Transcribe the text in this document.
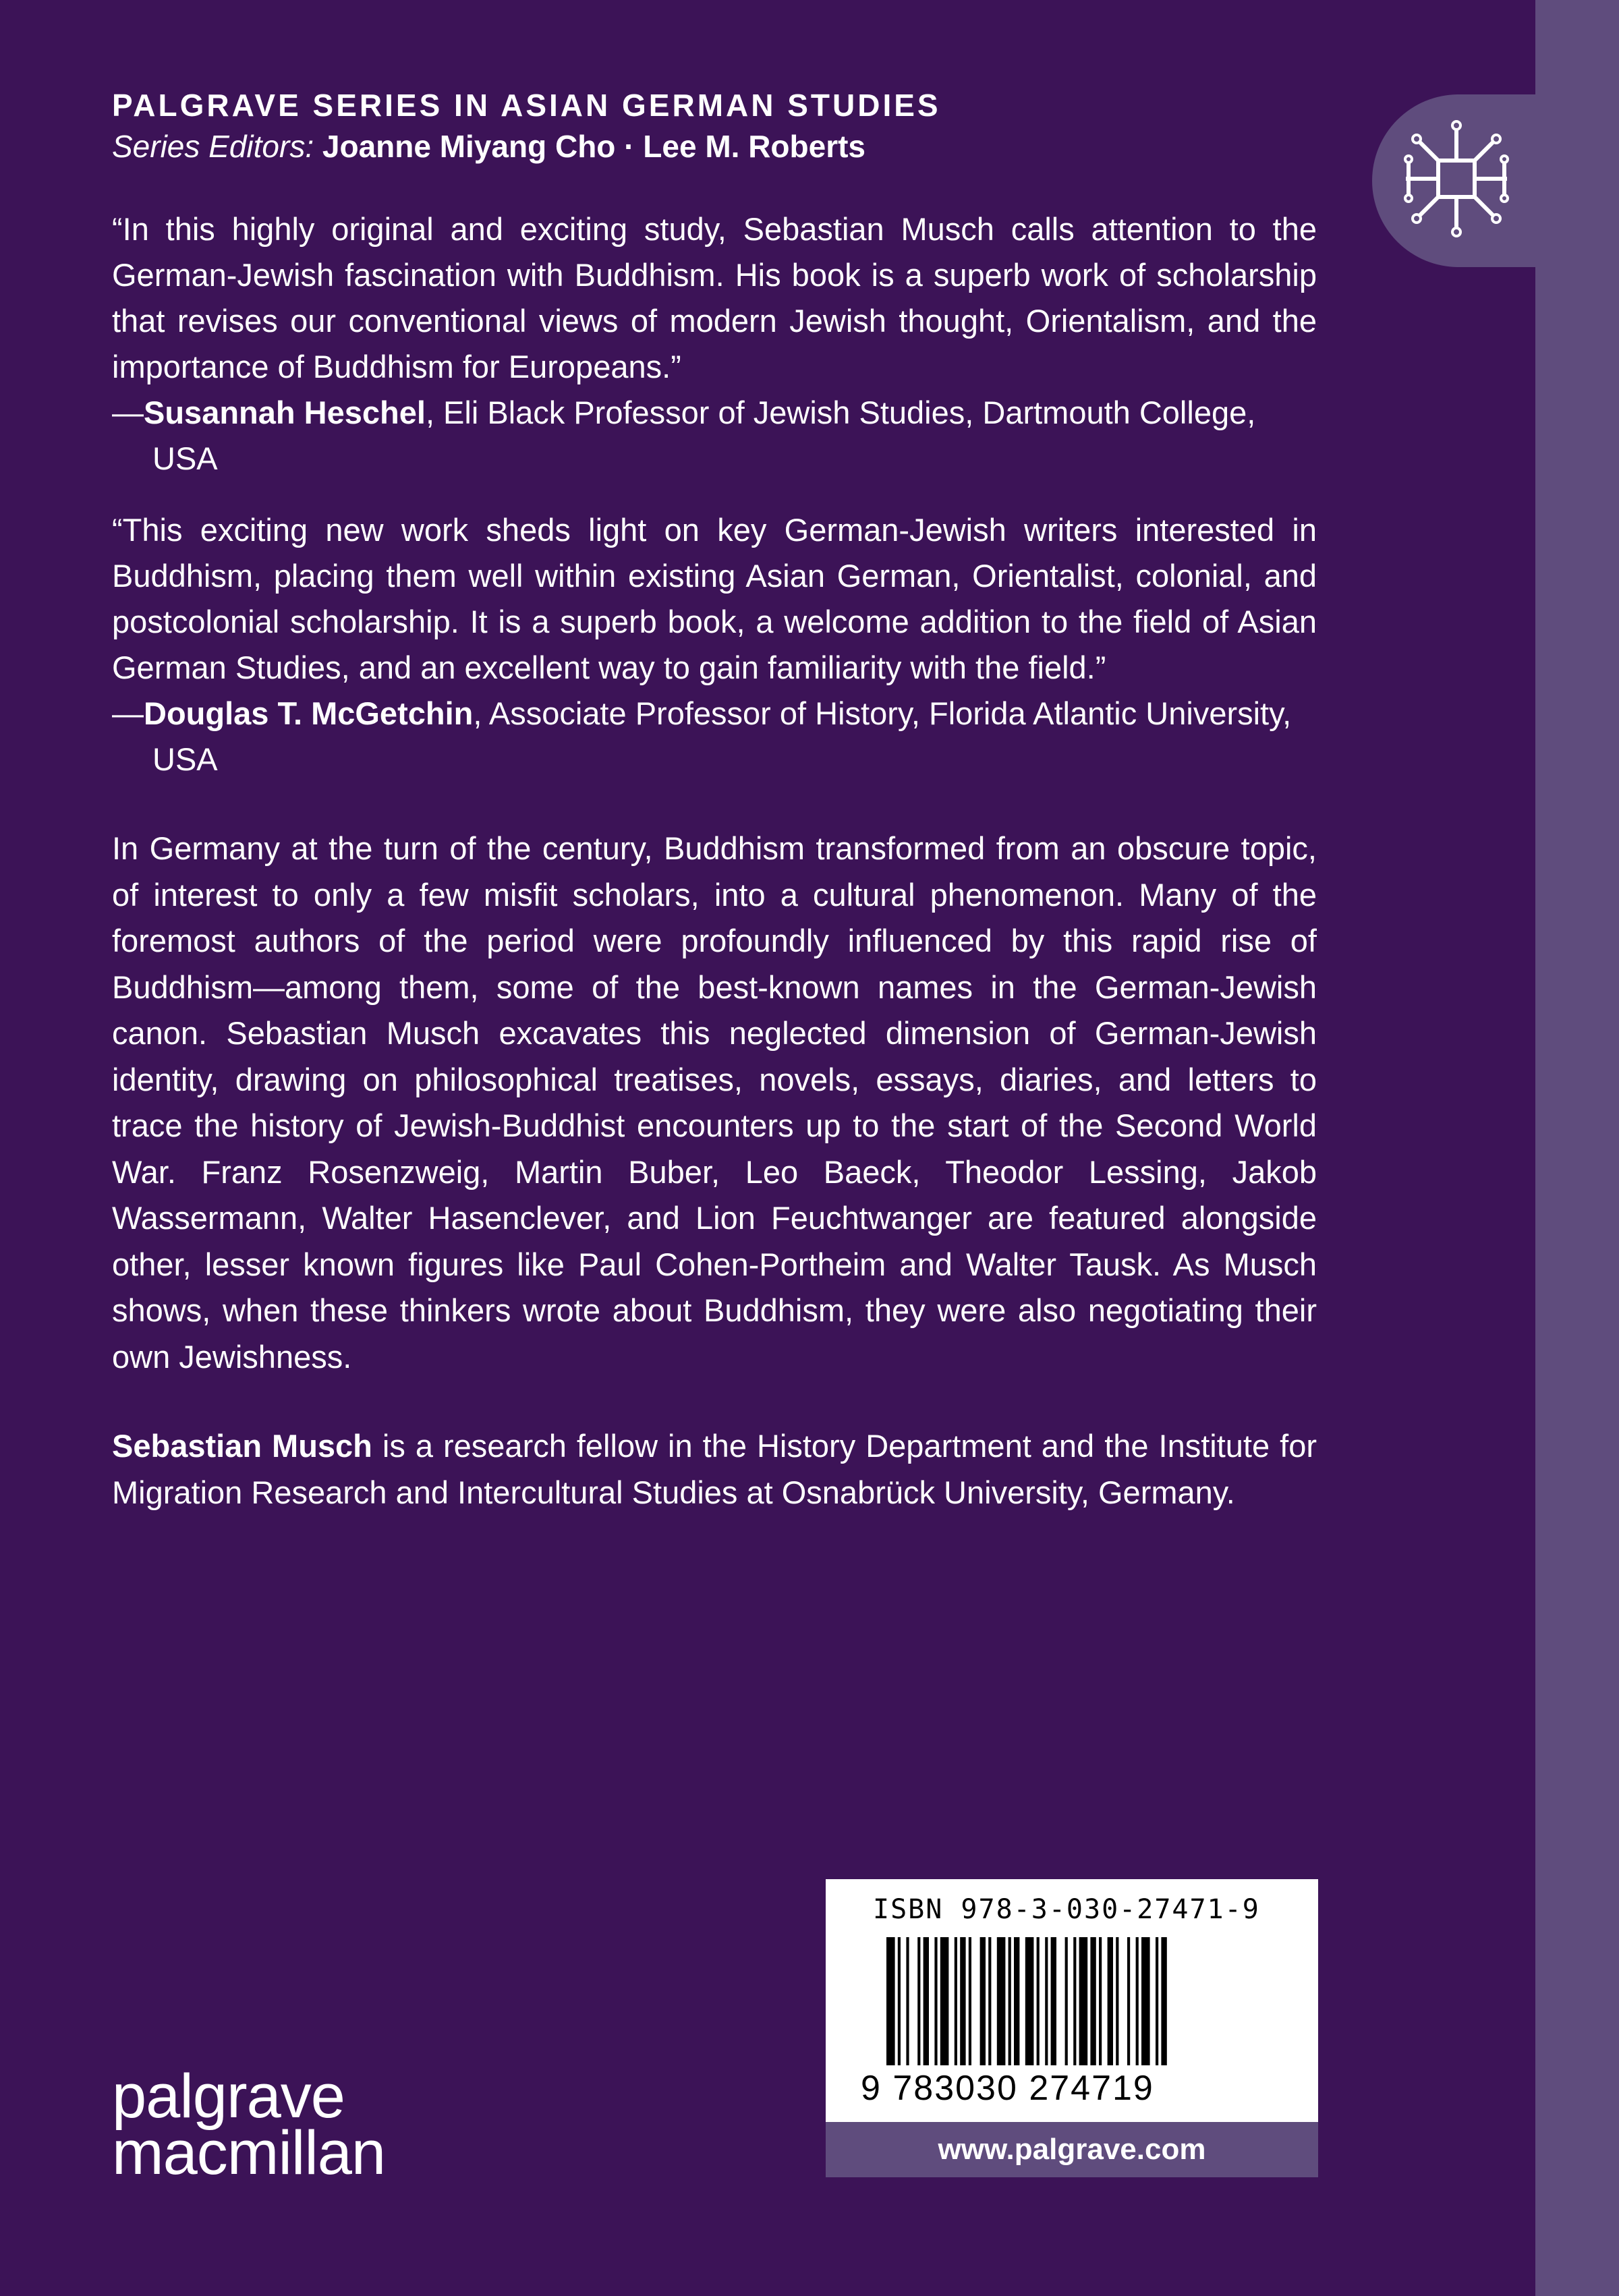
PALGRAVE SERIES IN ASIAN GERMAN STUDIES

Series Editors: Joanne Miyang Cho · Lee M. Roberts

“In this highly original and exciting study, Sebastian Musch calls attention to the German-Jewish fascination with Buddhism. His book is a superb work of scholarship that revises our conventional views of modern Jewish thought, Orientalism, and the importance of Buddhism for Europeans.”

—Susannah Heschel, Eli Black Professor of Jewish Studies, Dartmouth College, USA

“This exciting new work sheds light on key German-Jewish writers interested in Buddhism, placing them well within existing Asian German, Orientalist, colonial, and postcolonial scholarship. It is a superb book, a welcome addition to the field of Asian German Studies, and an excellent way to gain familiarity with the field.”

—Douglas T. McGetchin, Associate Professor of History, Florida Atlantic University, USA

In Germany at the turn of the century, Buddhism transformed from an obscure topic, of interest to only a few misfit scholars, into a cultural phenomenon. Many of the foremost authors of the period were profoundly influenced by this rapid rise of Buddhism—among them, some of the best-known names in the German-Jewish canon. Sebastian Musch excavates this neglected dimension of German-Jewish identity, drawing on philosophical treatises, novels, essays, diaries, and letters to trace the history of Jewish-Buddhist encounters up to the start of the Second World War. Franz Rosenzweig, Martin Buber, Leo Baeck, Theodor Lessing, Jakob Wassermann, Walter Hasenclever, and Lion Feuchtwanger are featured alongside other, lesser known figures like Paul Cohen-Portheim and Walter Tausk. As Musch shows, when these thinkers wrote about Buddhism, they were also negotiating their own Jewishness.

Sebastian Musch is a research fellow in the History Department and the Institute for Migration Research and Intercultural Studies at Osnabrück University, Germany.

palgrave
macmillan
ISBN 978-3-030-27471-9
9 783030 274719
www.palgrave.com
